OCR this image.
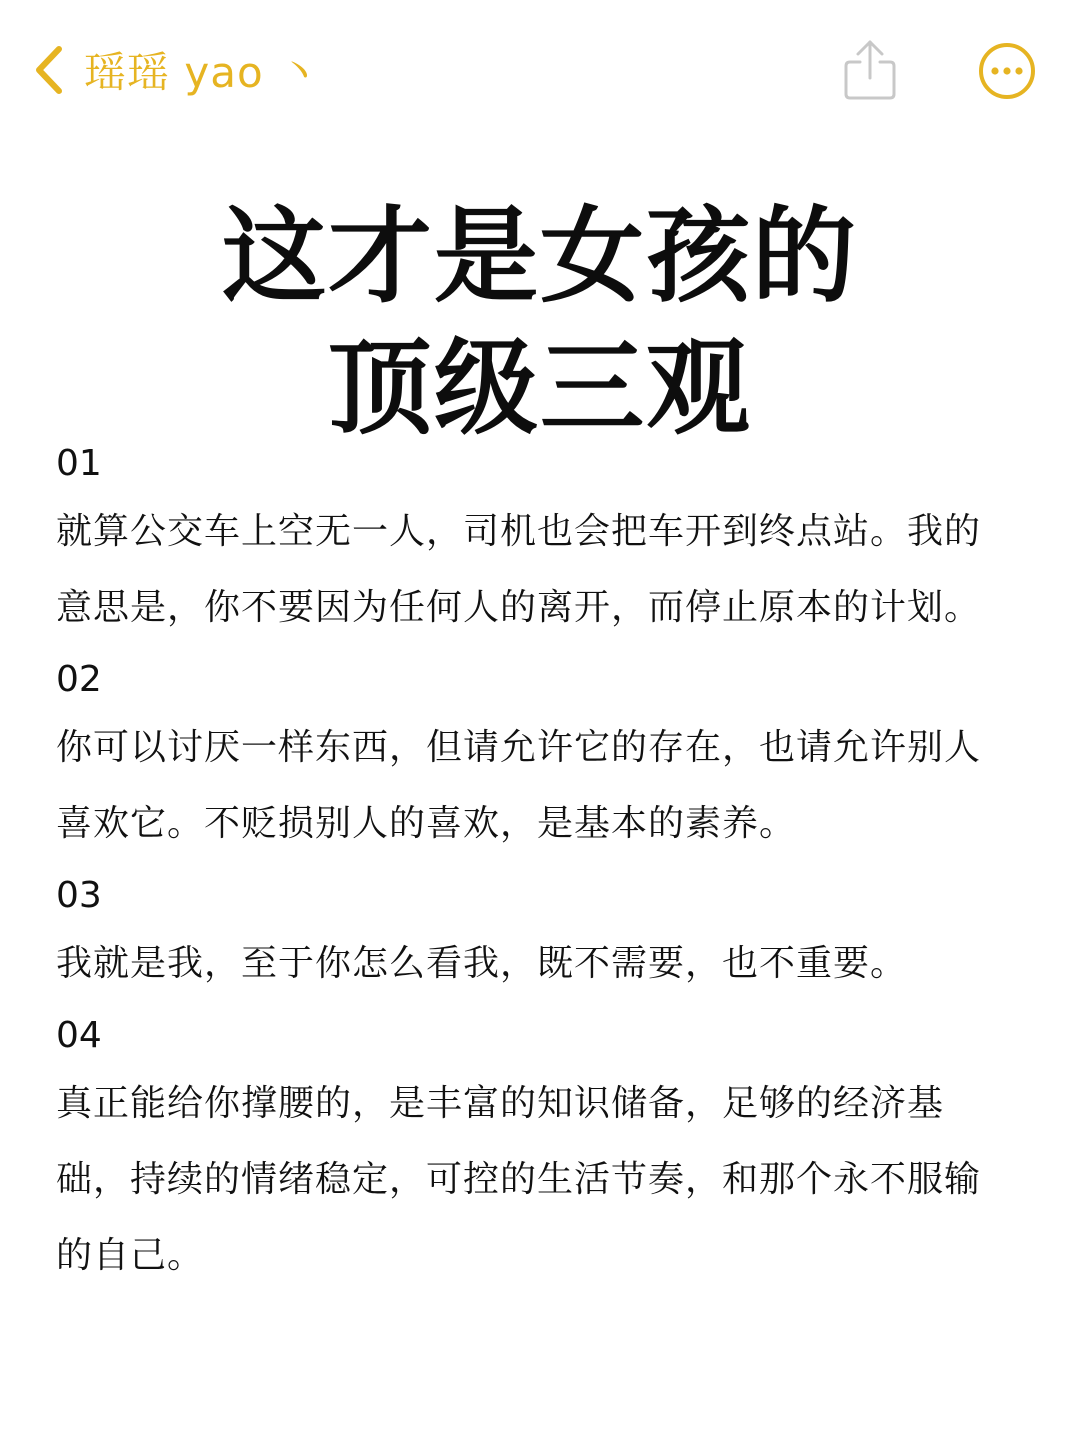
瑶瑶 yao 丶
这才是女孩的
顶级三观
01
就算公交车上空无一人，司机也会把车开到终点站。我的意思是，你不要因为任何人的离开，而停止原本的计划。
02
你可以讨厌一样东西，但请允许它的存在，也请允许别人喜欢它。不贬损别人的喜欢，是基本的素养。
03
我就是我，至于你怎么看我，既不需要，也不重要。
04
真正能给你撑腰的，是丰富的知识储备，足够的经济基础，持续的情绪稳定，可控的生活节奏，和那个永不服输的自己。
